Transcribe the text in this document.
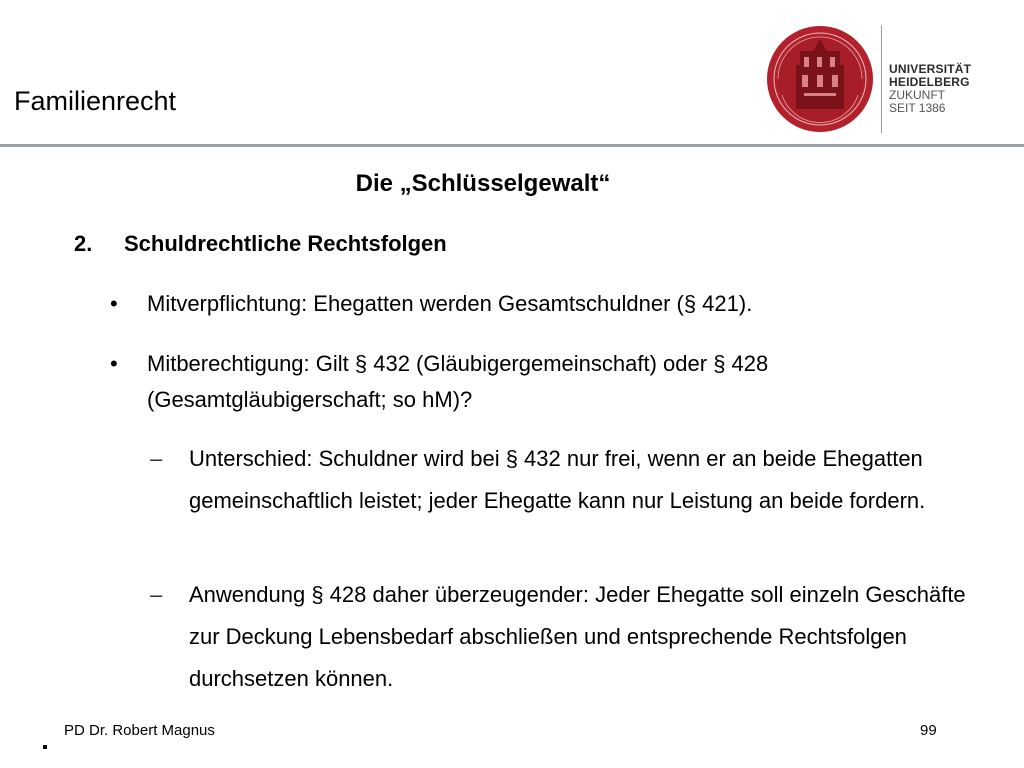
Familienrecht
UNIVERSITÄT
HEIDELBERG
ZUKUNFT
SEIT 1386
Die „Schlüsselgewalt“
2. Schuldrechtliche Rechtsfolgen
• Mitverpflichtung: Ehegatten werden Gesamtschuldner (§ 421).
• Mitberechtigung: Gilt § 432 (Gläubigergemeinschaft) oder § 428 (Gesamtgläubigerschaft; so hM)?
– Unterschied: Schuldner wird bei § 432 nur frei, wenn er an beide Ehegatten gemeinschaftlich leistet; jeder Ehegatte kann nur Leistung an beide fordern.
– Anwendung § 428 daher überzeugender: Jeder Ehegatte soll einzeln Geschäfte zur Deckung Lebensbedarf abschließen und entsprechende Rechtsfolgen durchsetzen können.
PD Dr. Robert Magnus	99
